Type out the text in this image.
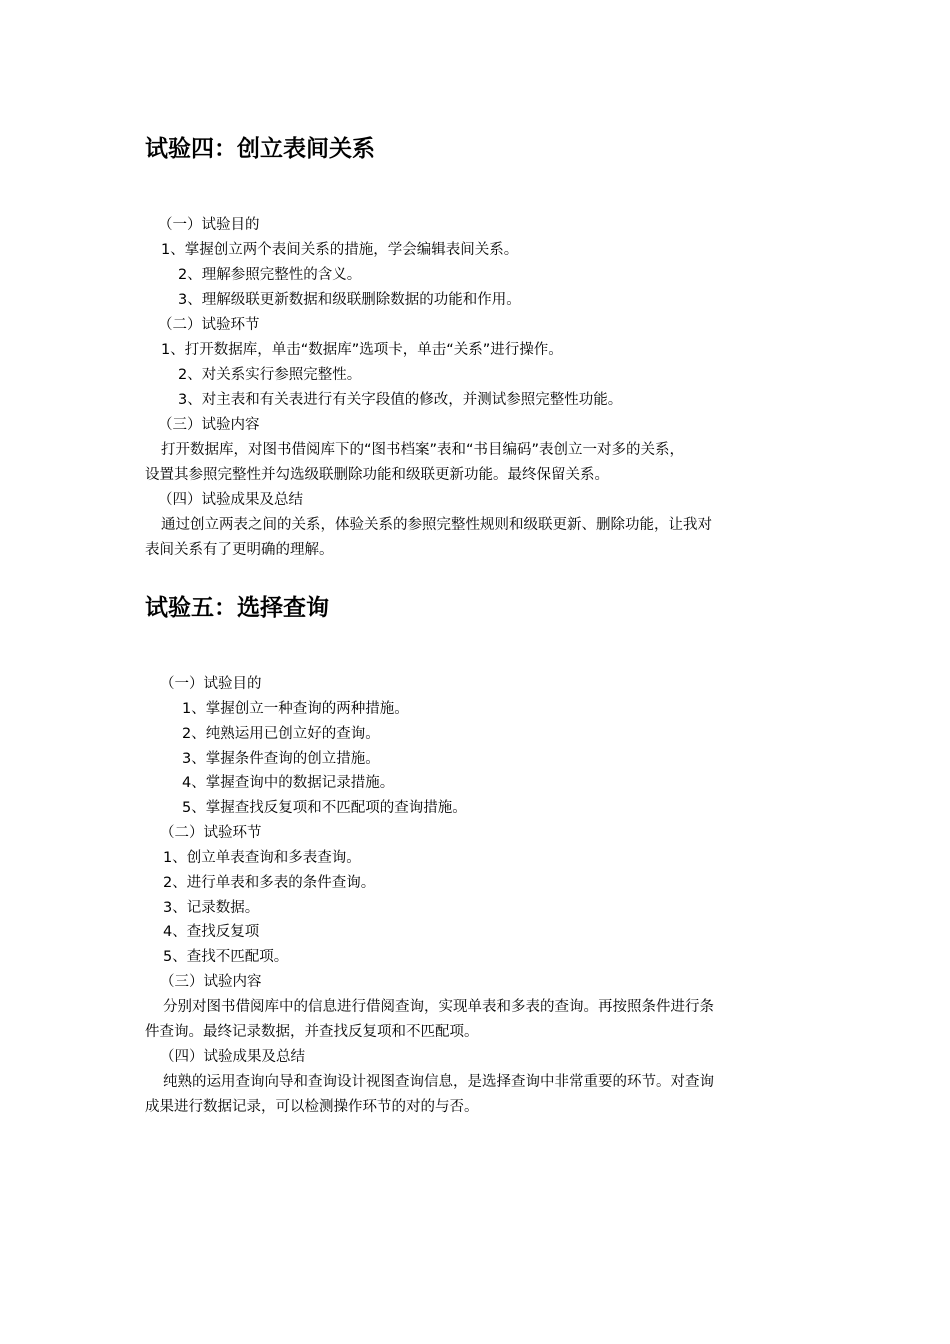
试验四：创立表间关系
（一）试验目的
1、掌握创立两个表间关系的措施，学会编辑表间关系。
2、理解参照完整性的含义。
3、理解级联更新数据和级联删除数据的功能和作用。
（二）试验环节
1、打开数据库，单击“数据库”选项卡，单击“关系”进行操作。
2、对关系实行参照完整性。
3、对主表和有关表进行有关字段值的修改，并测试参照完整性功能。
（三）试验内容
打开数据库，对图书借阅库下的“图书档案”表和“书目编码”表创立一对多的关系，
设置其参照完整性并勾选级联删除功能和级联更新功能。最终保留关系。
（四）试验成果及总结
通过创立两表之间的关系，体验关系的参照完整性规则和级联更新、删除功能，让我对
表间关系有了更明确的理解。
试验五：选择查询
（一）试验目的
1、掌握创立一种查询的两种措施。
2、纯熟运用已创立好的查询。
3、掌握条件查询的创立措施。
4、掌握查询中的数据记录措施。
5、掌握查找反复项和不匹配项的查询措施。
（二）试验环节
1、创立单表查询和多表查询。
2、进行单表和多表的条件查询。
3、记录数据。
4、查找反复项
5、查找不匹配项。
（三）试验内容
分别对图书借阅库中的信息进行借阅查询，实现单表和多表的查询。再按照条件进行条
件查询。最终记录数据，并查找反复项和不匹配项。
（四）试验成果及总结
纯熟的运用查询向导和查询设计视图查询信息，是选择查询中非常重要的环节。对查询
成果进行数据记录，可以检测操作环节的对的与否。
